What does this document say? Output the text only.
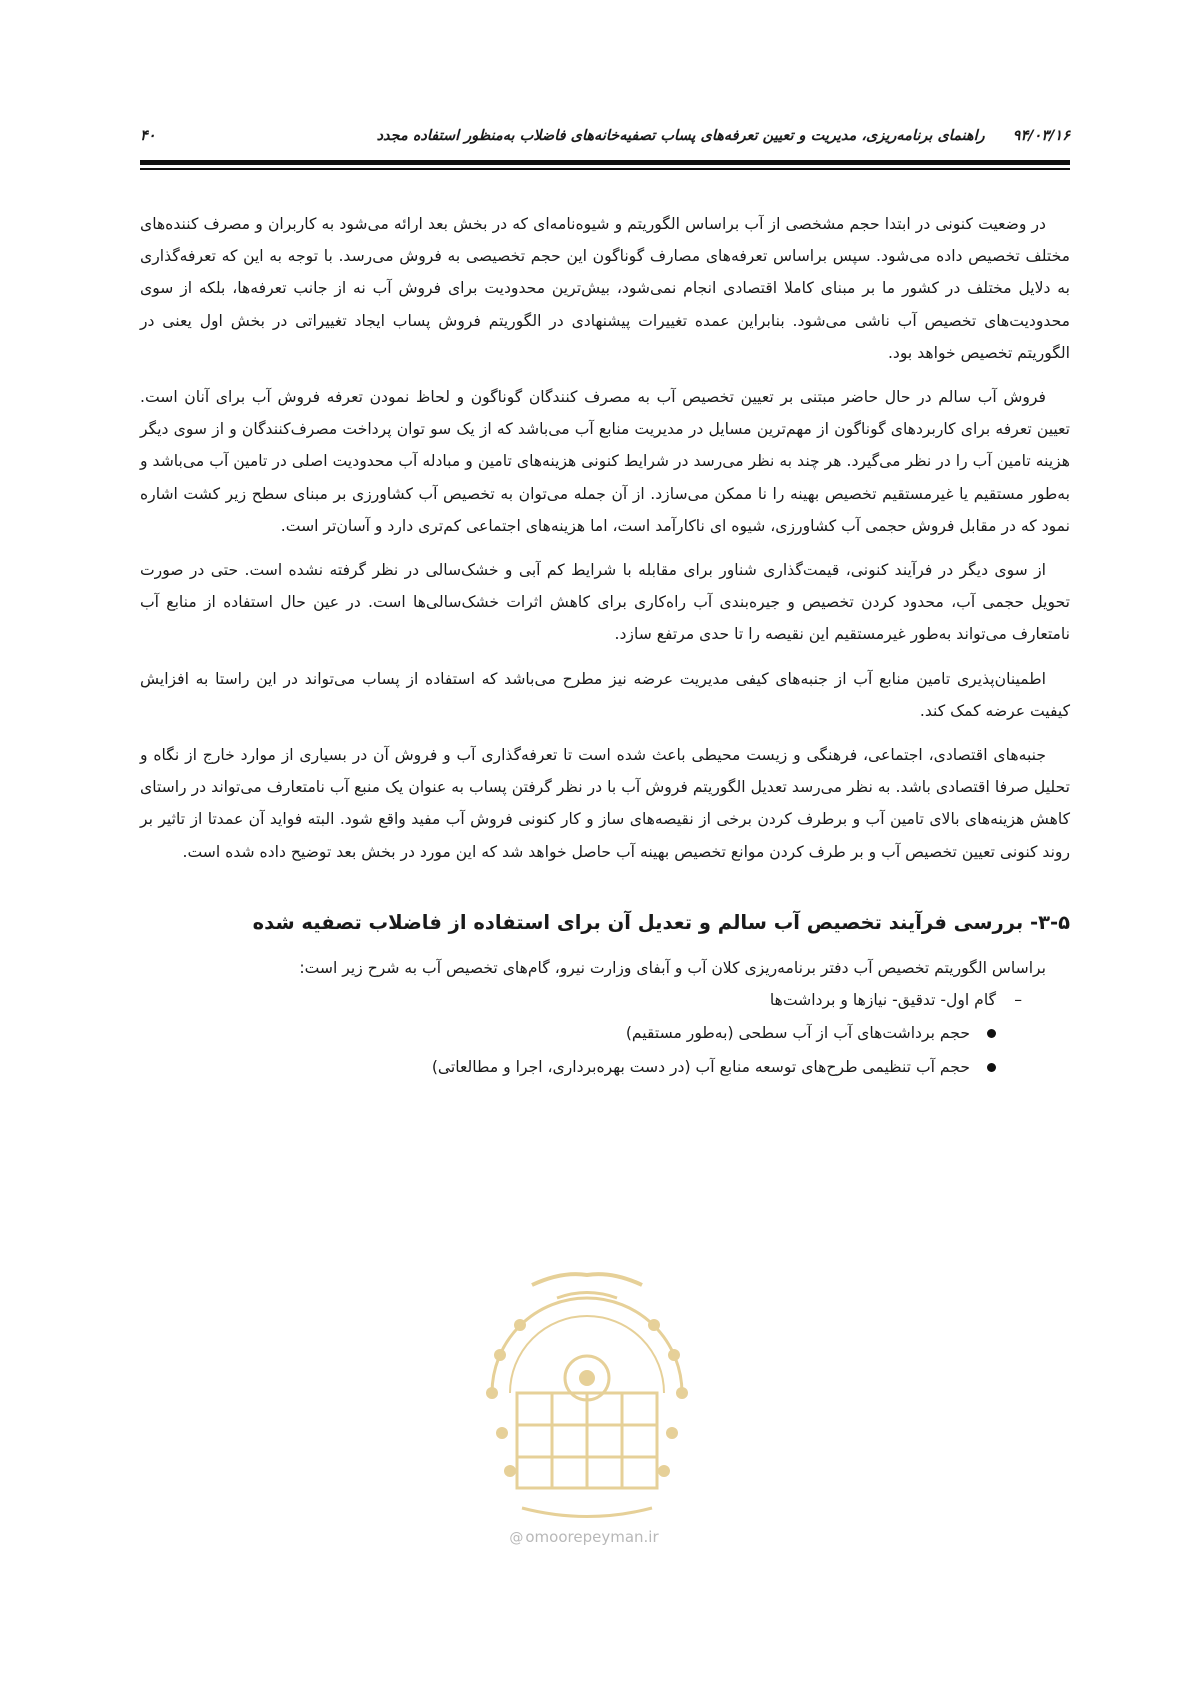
۴۰	۹۴/۰۳/۱۶راهنمای برنامه‌ریزی، مدیریت و تعیین تعرفه‌های پساب تصفیه‌خانه‌های فاضلاب به‌منظور استفاده مجدد

در وضعیت کنونی در ابتدا حجم مشخصی از آب براساس الگوریتم و شیوه‌نامه‌ای که در بخش بعد ارائه می‌شود به کاربران و مصرف کننده‌های مختلف تخصیص داده می‌شود. سپس براساس تعرفه‌های مصارف گوناگون این حجم تخصیصی به فروش می‌رسد. با توجه به این که تعرفه‌گذاری به دلایل مختلف در کشور ما بر مبنای کاملا اقتصادی انجام نمی‌شود، بیش‌ترین محدودیت برای فروش آب نه از جانب تعرفه‌ها، بلکه از سوی محدودیت‌های تخصیص آب ناشی می‌شود. بنابراین عمده تغییرات پیشنهادی در الگوریتم فروش پساب ایجاد تغییراتی در بخش اول یعنی در الگوریتم تخصیص خواهد بود.

فروش آب سالم در حال حاضر مبتنی بر تعیین تخصیص آب به مصرف کنندگان گوناگون و لحاظ نمودن تعرفه فروش آب برای آنان است. تعیین تعرفه برای کاربردهای گوناگون از مهم‌ترین مسایل در مدیریت منابع آب می‌باشد که از یک سو توان پرداخت مصرف‌کنندگان و از سوی دیگر هزینه تامین آب را در نظر می‌گیرد. هر چند به نظر می‌رسد در شرایط کنونی هزینه‌های تامین و مبادله آب محدودیت اصلی در تامین آب می‌باشد و به‌طور مستقیم یا غیرمستقیم تخصیص بهینه را نا ممکن می‌سازد. از آن جمله می‌توان به تخصیص آب کشاورزی بر مبنای سطح زیر کشت اشاره نمود که در مقابل فروش حجمی آب کشاورزی، شیوه ای ناکارآمد است، اما هزینه‌های اجتماعی کم‌تری دارد و آسان‌تر است.

از سوی دیگر در فرآیند کنونی، قیمت‌گذاری شناور برای مقابله با شرایط کم آبی و خشک‌سالی در نظر گرفته نشده است. حتی در صورت تحویل حجمی آب، محدود کردن تخصیص و جیره‌بندی آب راه‌کاری برای کاهش اثرات خشک‌سالی‌ها است. در عین حال استفاده از منابع آب نامتعارف می‌تواند به‌طور غیرمستقیم این نقیصه را تا حدی مرتفع سازد.

اطمینان‌پذیری تامین منابع آب از جنبه‌های کیفی مدیریت عرضه نیز مطرح می‌باشد که استفاده از پساب می‌تواند در این راستا به افزایش کیفیت عرضه کمک کند.

جنبه‌های اقتصادی، اجتماعی، فرهنگی و زیست محیطی باعث شده است تا تعرفه‌گذاری آب و فروش آن در بسیاری از موارد خارج از نگاه و تحلیل صرفا اقتصادی باشد. به نظر می‌رسد تعدیل الگوریتم فروش آب با در نظر گرفتن پساب به عنوان یک منبع آب نامتعارف می‌تواند در راستای کاهش هزینه‌های بالای تامین آب و برطرف کردن برخی از نقیصه‌های ساز و کار کنونی فروش آب مفید واقع شود. البته فواید آن عمدتا از تاثیر بر روند کنونی تعیین تخصیص آب و بر طرف کردن موانع تخصیص بهینه آب حاصل خواهد شد که این مورد در بخش بعد توضیح داده شده است.

۳-۵- بررسی فرآیند تخصیص آب سالم و تعدیل آن برای استفاده از فاضلاب تصفیه شده

براساس الگوریتم تخصیص آب دفتر برنامه‌ریزی کلان آب و آبفای وزارت نیرو، گام‌های تخصیص آب به شرح زیر است:

–گام اول- تدقیق- نیازها و برداشت‌ها

حجم برداشت‌های آب از آب سطحی (به‌طور مستقیم)
حجم آب تنظیمی طرح‌های توسعه منابع آب (در دست بهره‌برداری، اجرا و مطالعاتی)
@ omoorepeyman.ir
